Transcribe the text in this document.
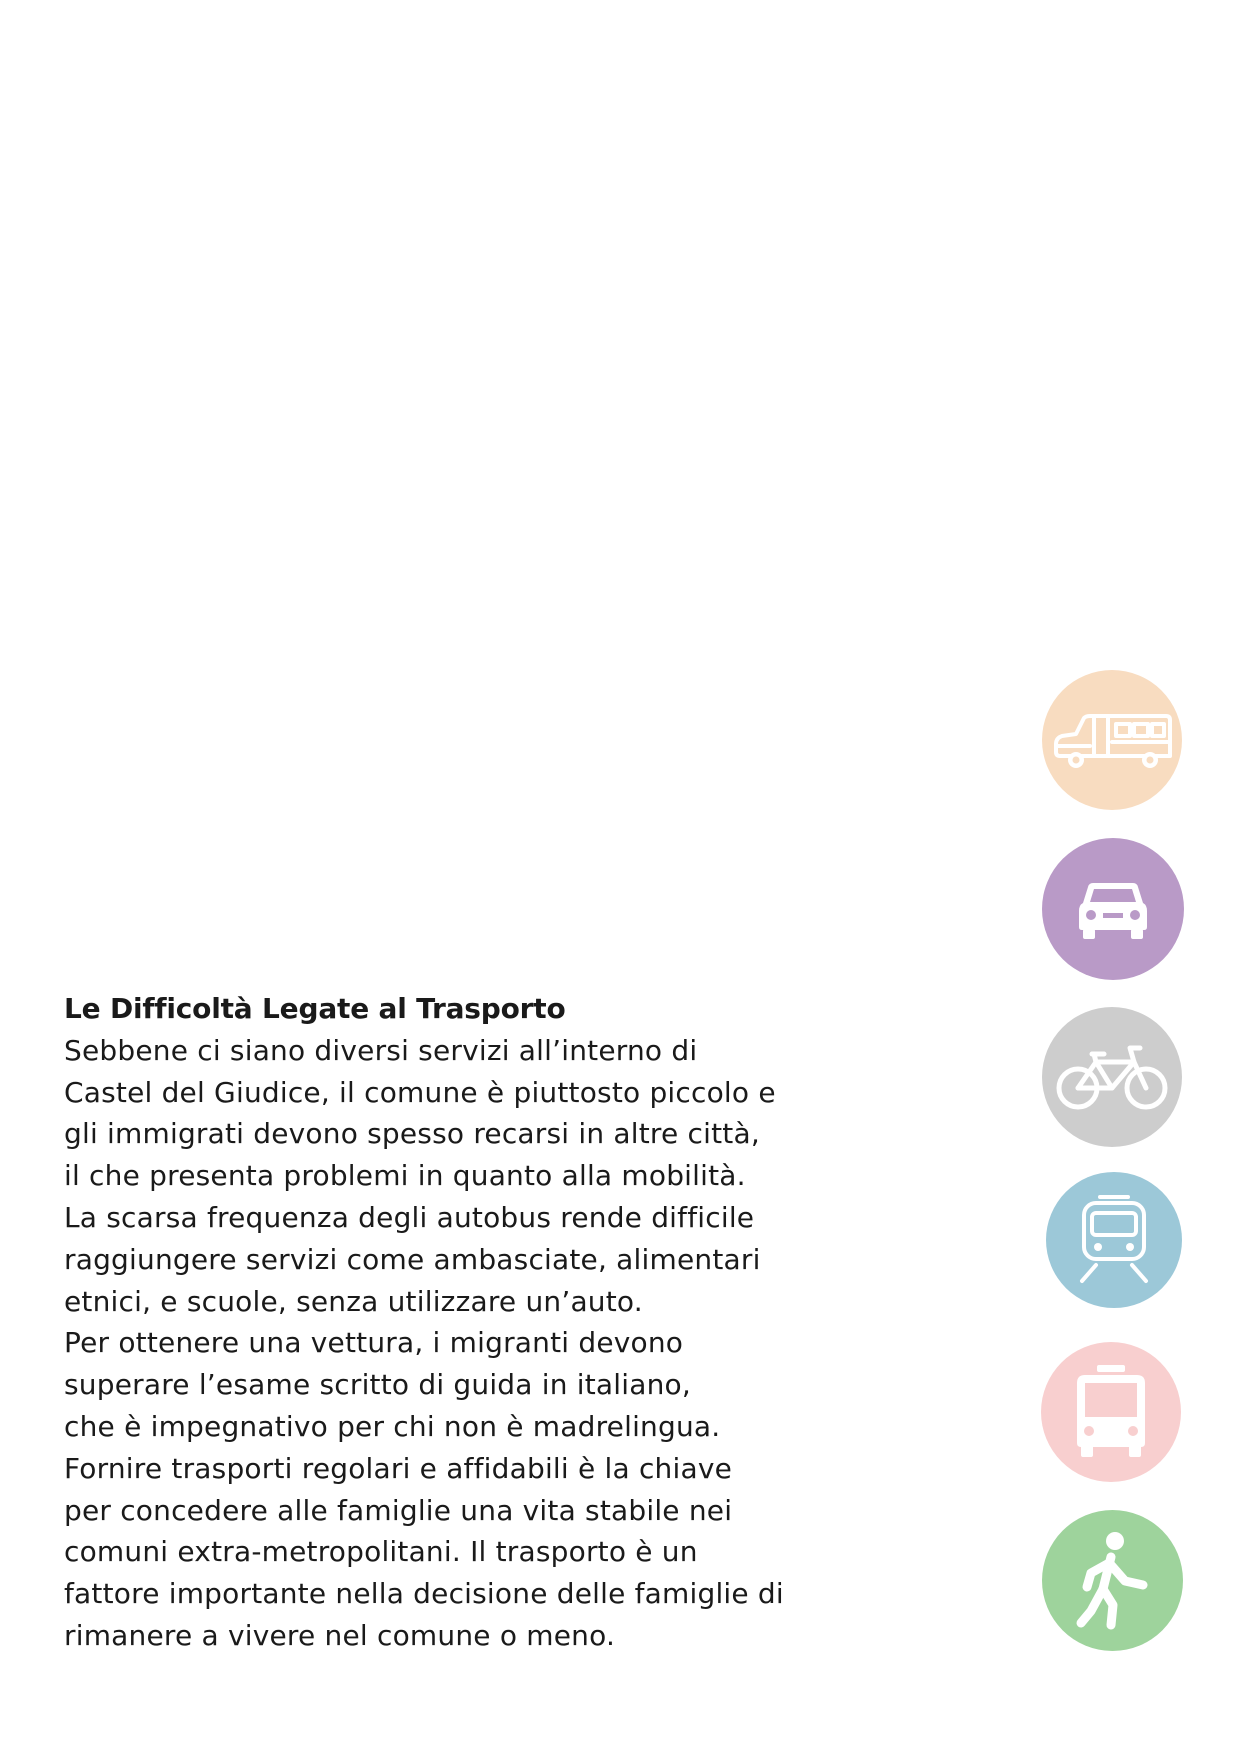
Le Difficoltà Legate al Trasporto

Sebbene ci siano diversi servizi all’interno di
Castel del Giudice, il comune è piuttosto piccolo e
gli immigrati devono spesso recarsi in altre città,
il che presenta problemi in quanto alla mobilità.
La scarsa frequenza degli autobus rende difficile
raggiungere servizi come ambasciate, alimentari
etnici, e scuole, senza utilizzare un’auto.
Per ottenere una vettura, i migranti devono
superare l’esame scritto di guida in italiano,
che è impegnativo per chi non è madrelingua.
Fornire trasporti regolari e affidabili è la chiave
per concedere alle famiglie una vita stabile nei
comuni extra-metropolitani. Il trasporto è un
fattore importante nella decisione delle famiglie di
rimanere a vivere nel comune o meno.
